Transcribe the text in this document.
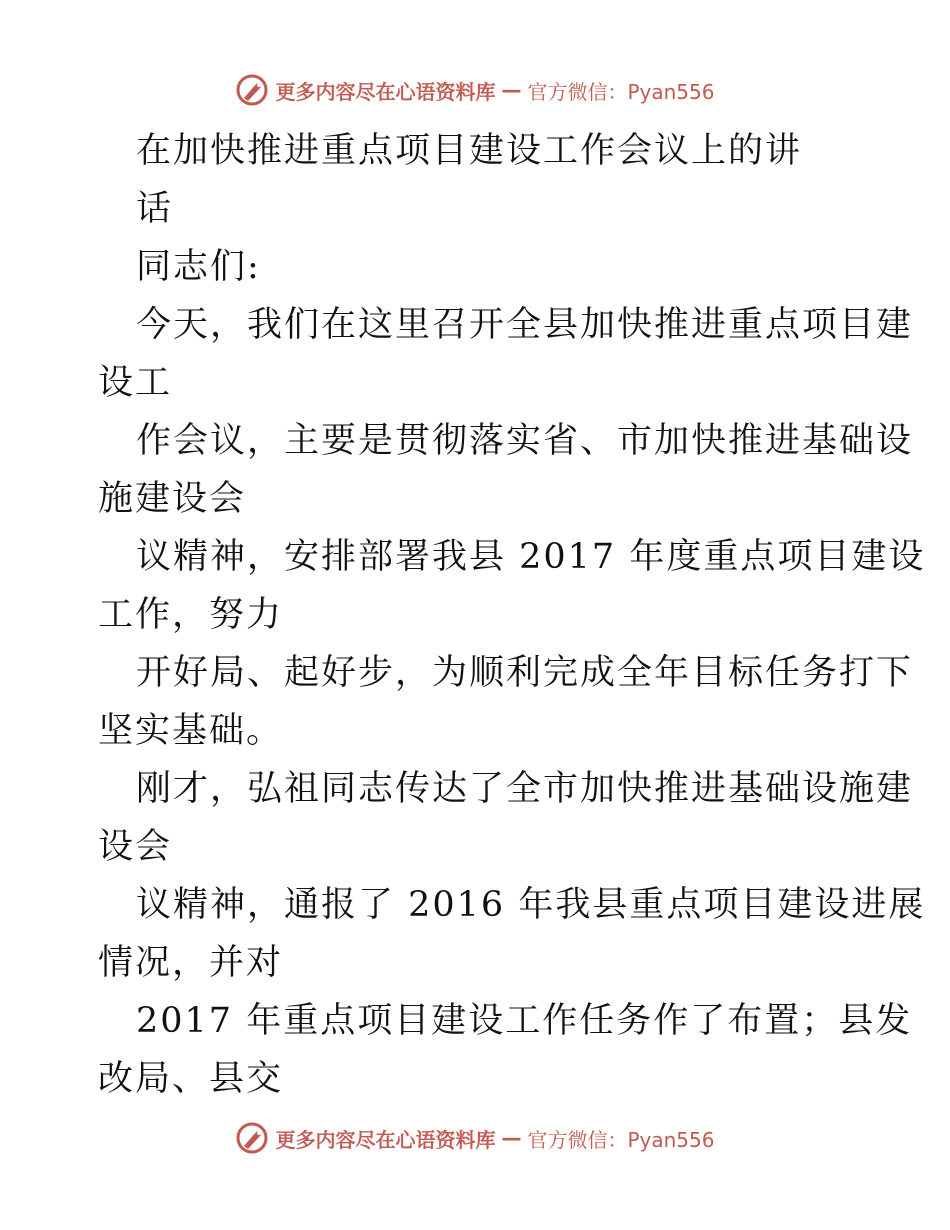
更多内容尽在心语资料库 — 官方微信：Pyan556
在加快推进重点项目建设工作会议上的讲
话
同志们:
今天，我们在这里召开全县加快推进重点项目建
设工
作会议，主要是贯彻落实省、市加快推进基础设
施建设会
议精神，安排部署我县 2017 年度重点项目建设
工作，努力
开好局、起好步，为顺利完成全年目标任务打下
坚实基础。
刚才，弘祖同志传达了全市加快推进基础设施建
设会
议精神，通报了 2016 年我县重点项目建设进展
情况，并对
2017 年重点项目建设工作任务作了布置；县发
改局、县交
更多内容尽在心语资料库 — 官方微信：Pyan556
